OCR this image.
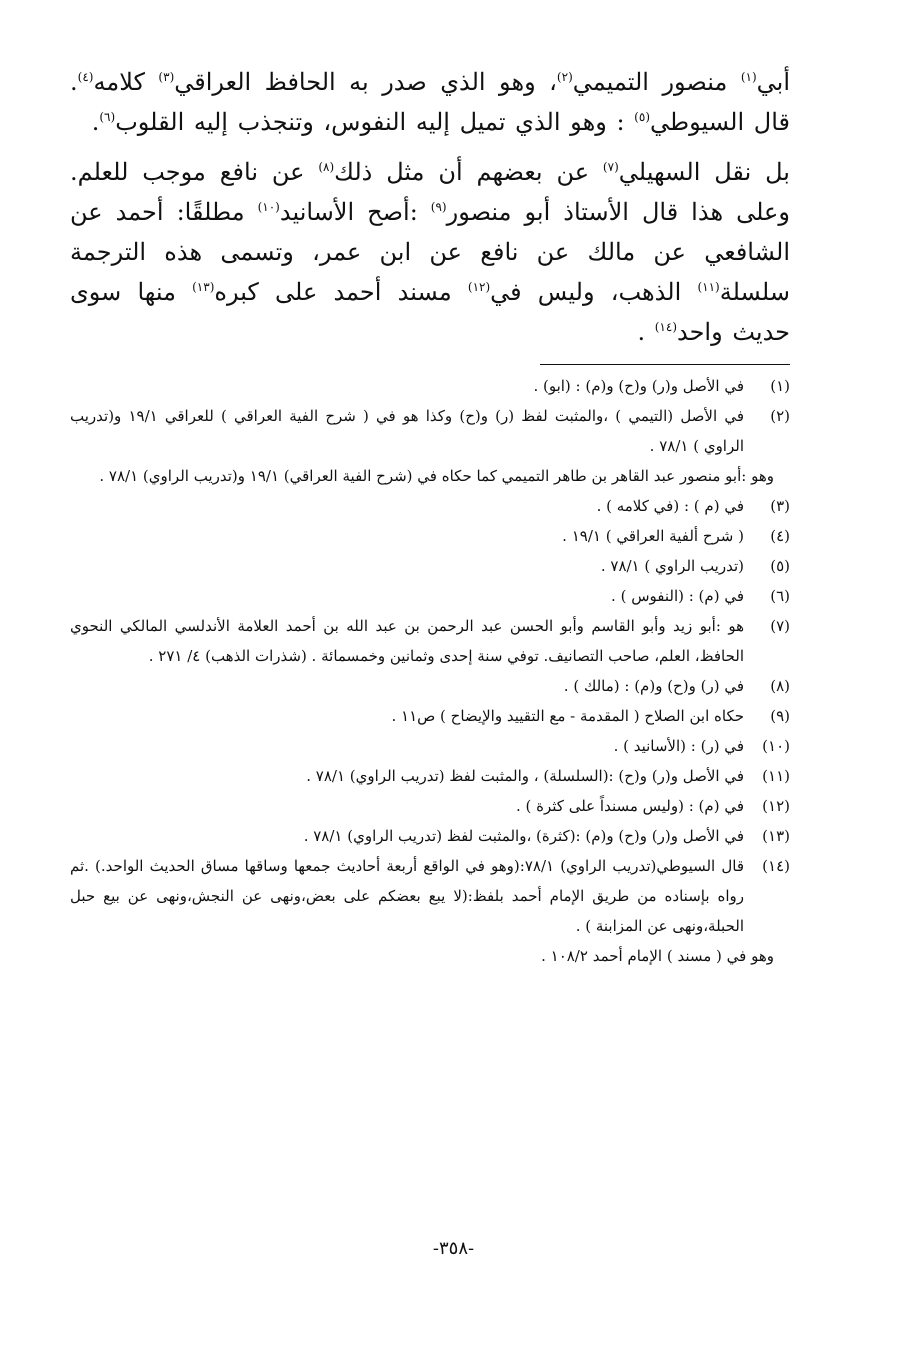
أبي⁠$^{(١)}$ منصور التميمي$^{(٢)}$، وهو الذي صدر به الحافظ العراقي$^{(٣)}$ كلامه$^{(٤)}$. قال السيوطي$^{(٥)}$ : وهو الذي تميل إليه النفوس، وتنجذب إليه القلوب$^{(٦)}$.

بل نقل السهيلي$^{(٧)}$ عن بعضهم أن مثل ذلك$^{(٨)}$ عن نافع موجب للعلم. وعلى هذا قال الأستاذ أبو منصور$^{(٩)}$ :أصح الأسانيد$^{(١٠)}$ مطلقًا: أحمد عن الشافعي عن مالك عن نافع عن ابن عمر، وتسمى هذه الترجمة سلسلة$^{(١١)}$ الذهب، وليس في$^{(١٢)}$ مسند أحمد على كبره$^{(١٣)}$ منها سوى حديث واحد$^{(١٤)}$ .

(١)
في الأصل و(ر) و(ح) و(م) : (ابو) .
(٢)
في الأصل (التيمي ) ،والمثبت لفظ (ر) و(ح) وكذا هو في ( شرح الفية العراقي ) للعراقي ١٩/١ و(تدريب الراوي ) ٧٨/١ .
وهو :أبو منصور عبد القاهر بن طاهر التميمي كما حكاه في (شرح الفية العراقي) ١٩/١ و(تدريب الراوي) ٧٨/١ .
(٣)
في (م ) : (في كلامه ) .
(٤)
( شرح ألفية العراقي ) ١٩/١ .
(٥)
(تدريب الراوي ) ٧٨/١ .
(٦)
في (م) : (النفوس ) .
(٧)
هو :أبو زيد وأبو القاسم وأبو الحسن عبد الرحمن بن عبد الله بن أحمد العلامة الأندلسي المالكي النحوي الحافظ، العلم، صاحب التصانيف. توفي سنة إحدى وثمانين وخمسمائة . (شذرات الذهب) ٤/ ٢٧١ .
(٨)
في (ر) و(ح) و(م) : (مالك ) .
(٩)
حكاه ابن الصلاح ( المقدمة - مع التقييد والإيضاح ) ص١١ .
(١٠)
في (ر) : (الأسانيد ) .
(١١)
في الأصل و(ر) و(ح) :(السلسلة) ، والمثبت لفظ (تدريب الراوي) ٧٨/١ .
(١٢)
في (م) : (وليس مسنداً على كثرة ) .
(١٣)
في الأصل و(ر) و(ح) و(م) :(كثرة) ،والمثبت لفظ (تدريب الراوي) ٧٨/١ .
(١٤)
قال السيوطي(تدريب الراوي) ٧٨/١:(وهو في الواقع أربعة أحاديث جمعها وساقها مساق الحديث الواحد.) .ثم رواه بإسناده من طريق الإمام أحمد بلفظ:(لا يبع بعضكم على بعض،ونهى عن النجش،ونهى عن بيع حبل الحبلة،ونهى عن المزابنة ) .
وهو في ( مسند ) الإمام أحمد ١٠٨/٢ .
-٣٥٨-
